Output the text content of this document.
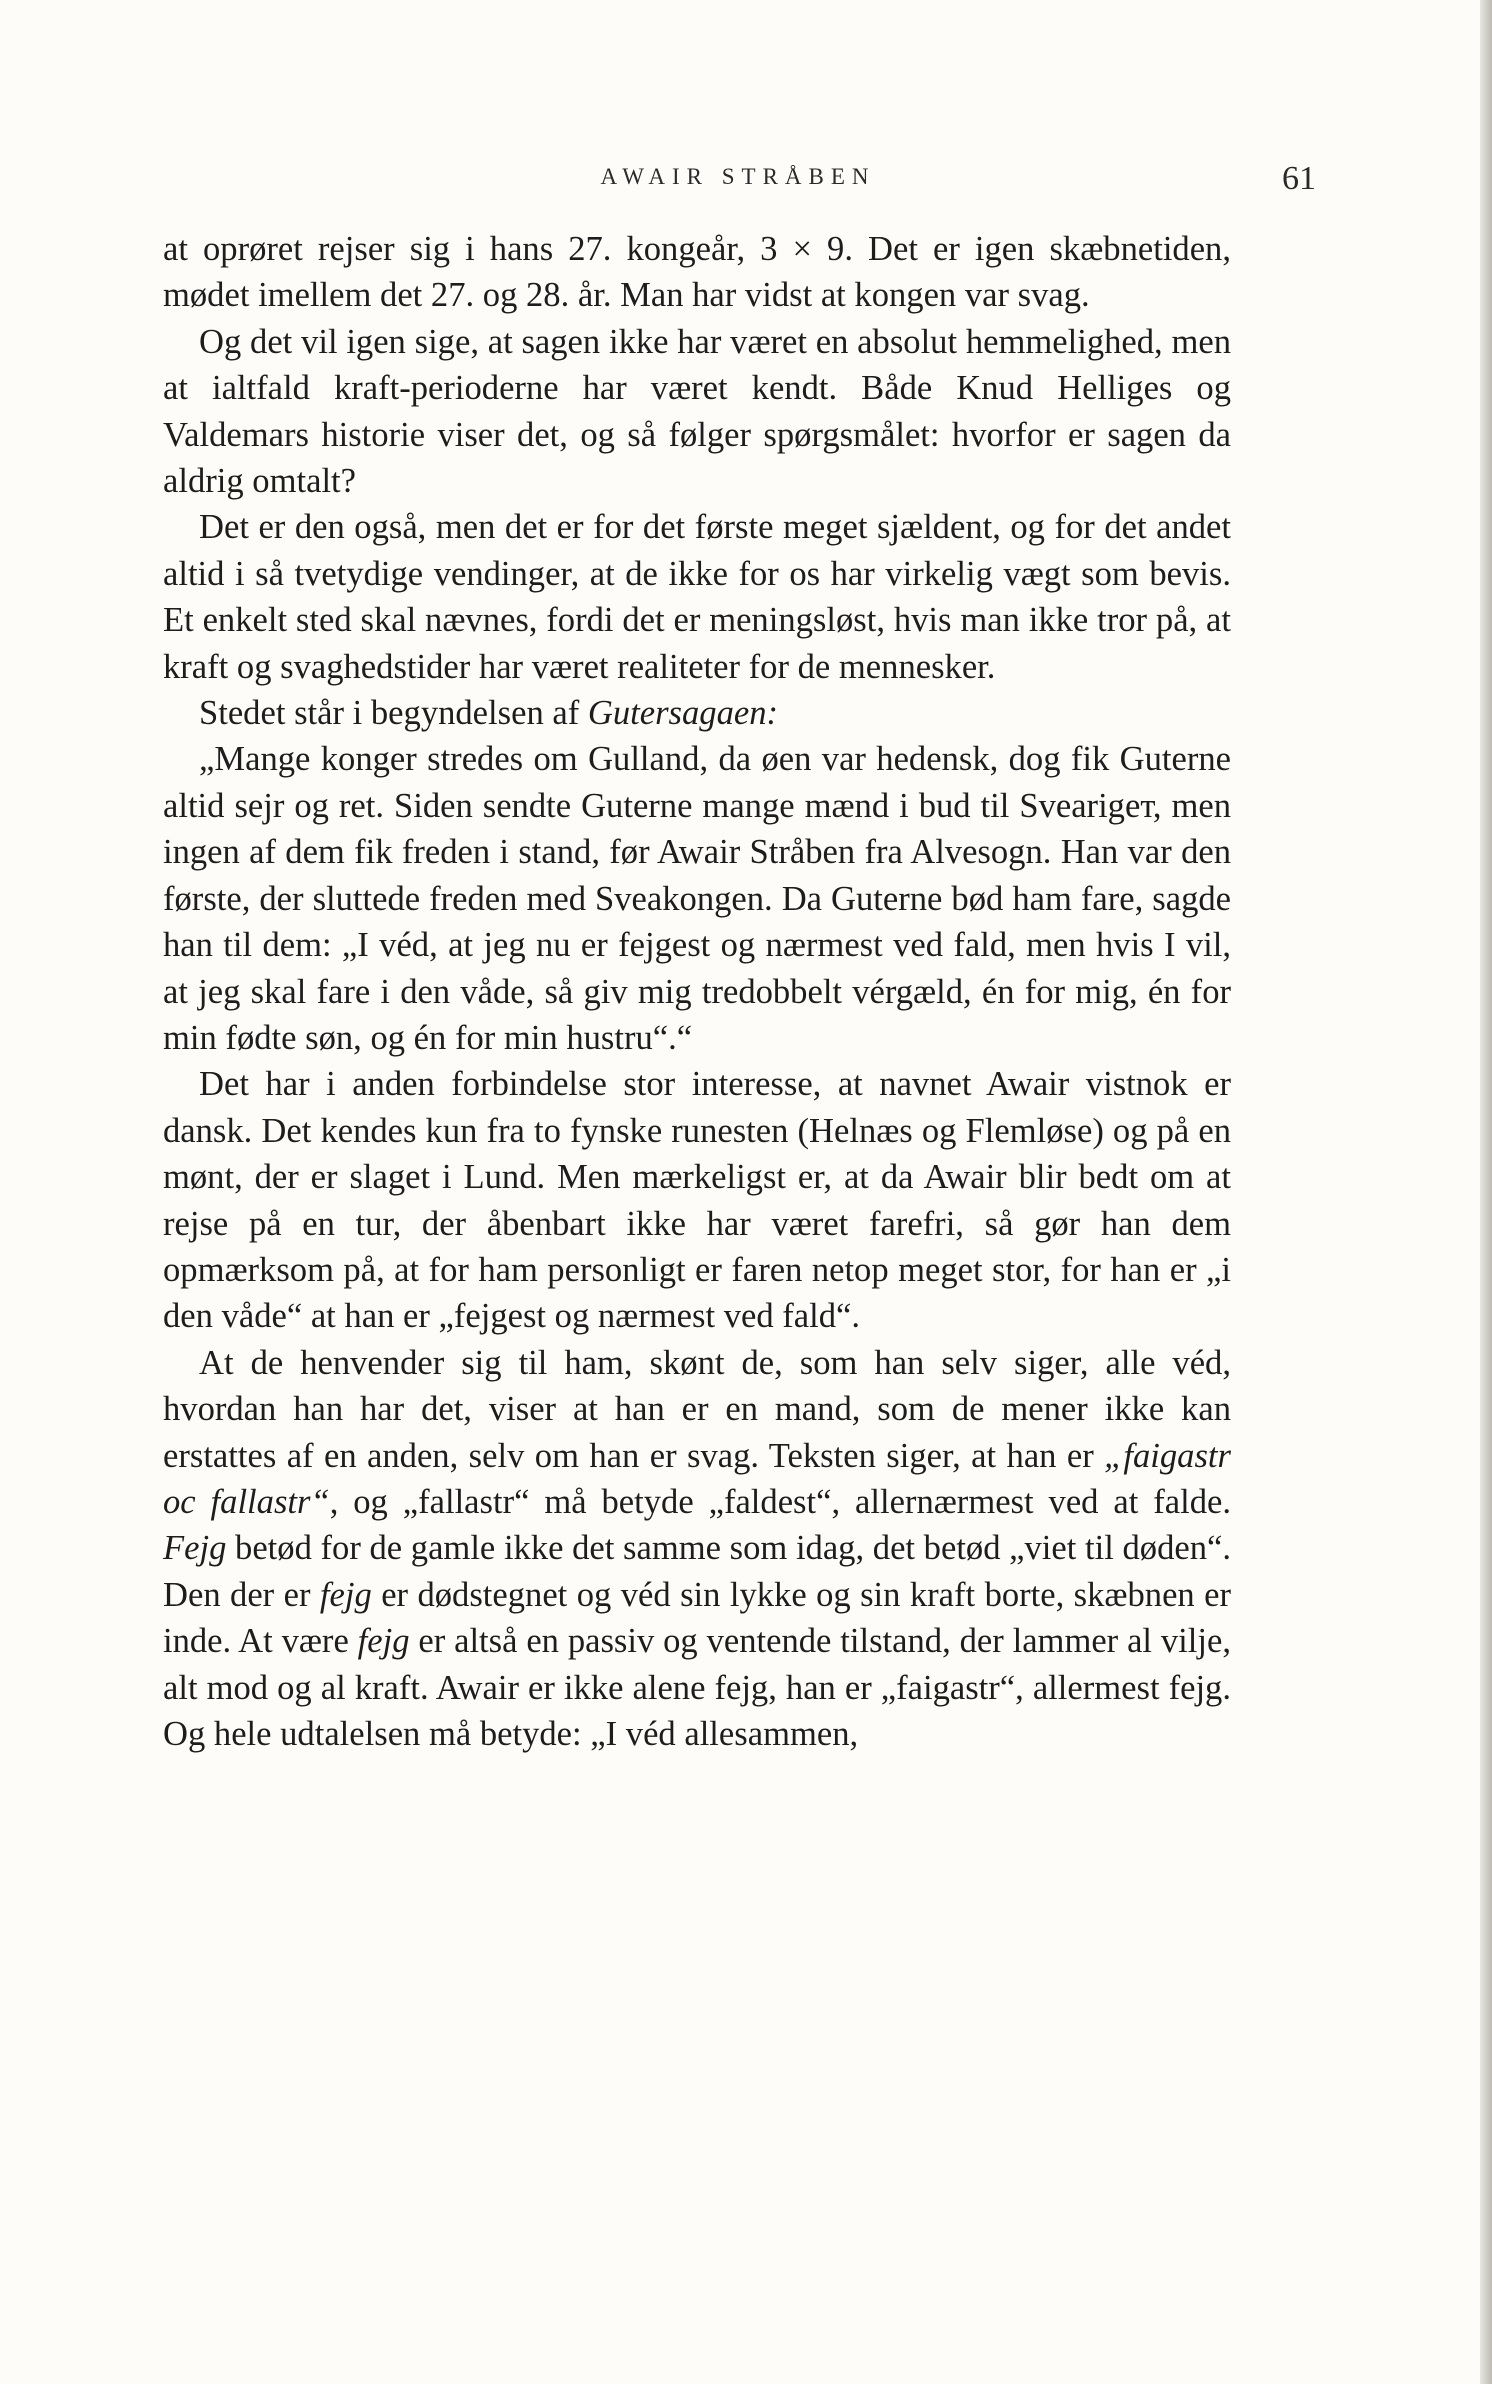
AWAIR STRÅBEN	61

at oprøret rejser sig i hans 27. kongeår, 3 × 9. Det er igen skæbnetiden, mødet imellem det 27. og 28. år. Man har vidst at kongen var svag.

Og det vil igen sige, at sagen ikke har været en absolut hemmelighed, men at ialtfald kraft-perioderne har været kendt. Både Knud Helliges og Valdemars historie viser det, og så følger spørgsmålet: hvorfor er sagen da aldrig omtalt?

Det er den også, men det er for det første meget sjældent, og for det andet altid i så tvetydige vendinger, at de ikke for os har virkelig vægt som bevis. Et enkelt sted skal nævnes, fordi det er meningsløst, hvis man ikke tror på, at kraft og svaghedstider har været realiteter for de mennesker.

Stedet står i begyndelsen af Gutersagaen:

„Mange konger stredes om Gulland, da øen var hedensk, dog fik Guterne altid sejr og ret. Siden sendte Guterne mange mænd i bud til Svearigет, men ingen af dem fik freden i stand, før Awair Stråben fra Alvesogn. Han var den første, der sluttede freden med Sveakongen. Da Guterne bød ham fare, sagde han til dem: „I véd, at jeg nu er fejgest og nærmest ved fald, men hvis I vil, at jeg skal fare i den våde, så giv mig tredobbelt vérgæld, én for mig, én for min fødte søn, og én for min hustru“.“

Det har i anden forbindelse stor interesse, at navnet Awair vistnok er dansk. Det kendes kun fra to fynske runesten (Helnæs og Flemløse) og på en mønt, der er slaget i Lund. Men mærkeligst er, at da Awair blir bedt om at rejse på en tur, der åbenbart ikke har været farefri, så gør han dem opmærksom på, at for ham personligt er faren netop meget stor, for han er „i den våde“ at han er „fejgest og nærmest ved fald“.

At de henvender sig til ham, skønt de, som han selv siger, alle véd, hvordan han har det, viser at han er en mand, som de mener ikke kan erstattes af en anden, selv om han er svag. Teksten siger, at han er „faigastr oc fallastr“, og „fallastr“ må betyde „faldest“, allernærmest ved at falde. Fejg betød for de gamle ikke det samme som idag, det betød „viet til døden“. Den der er fejg er dødstegnet og véd sin lykke og sin kraft borte, skæbnen er inde. At være fejg er altså en passiv og ventende tilstand, der lammer al vilje, alt mod og al kraft. Awair er ikke alene fejg, han er „faigastr“, allermest fejg. Og hele udtalelsen må betyde: „I véd allesammen,
